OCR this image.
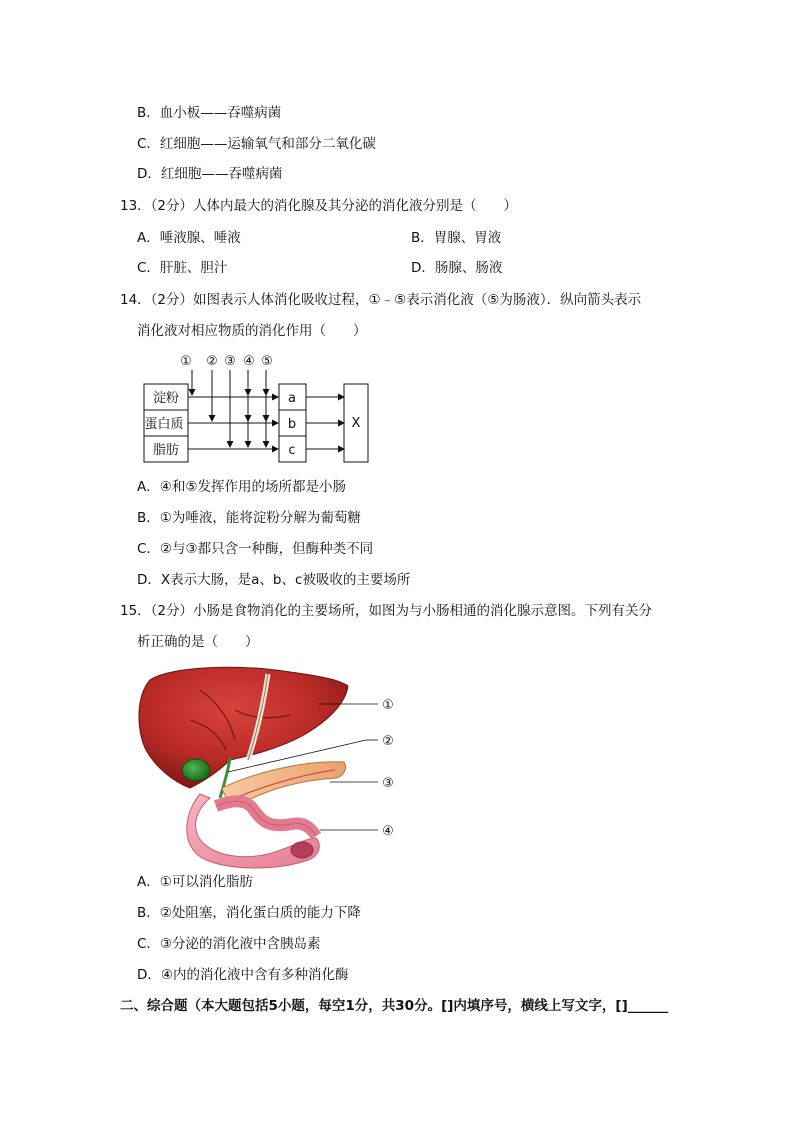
B．血小板——吞噬病菌
C．红细胞——运输氧气和部分二氧化碳
D．红细胞——吞噬病菌
13．（2分）人体内最大的消化腺及其分泌的消化液分别是（　　）
A．唾液腺、唾液	B．胃腺、胃液
C．肝脏、胆汁	D．肠腺、肠液
14．（2分）如图表示人体消化吸收过程，①﹣⑤表示消化液（⑤为肠液）．纵向箭头表示
消化液对相应物质的消化作用（　　）
① ② ③ ④ ⑤
淀粉
蛋白质
脂肪
a
b
c
X
A．④和⑤发挥作用的场所都是小肠
B．①为唾液，能将淀粉分解为葡萄糖
C．②与③都只含一种酶，但酶种类不同
D．X表示大肠，是a、b、c被吸收的主要场所
15．（2分）小肠是食物消化的主要场所，如图为与小肠相通的消化腺示意图。下列有关分
析正确的是（　　）
①
②
③
④
A．①可以消化脂肪
B．②处阻塞，消化蛋白质的能力下降
C．③分泌的消化液中含胰岛素
D．④内的消化液中含有多种消化酶
二、综合题（本大题包括5小题，每空1分，共30分。[]内填序号，横线上写文字，[]______
